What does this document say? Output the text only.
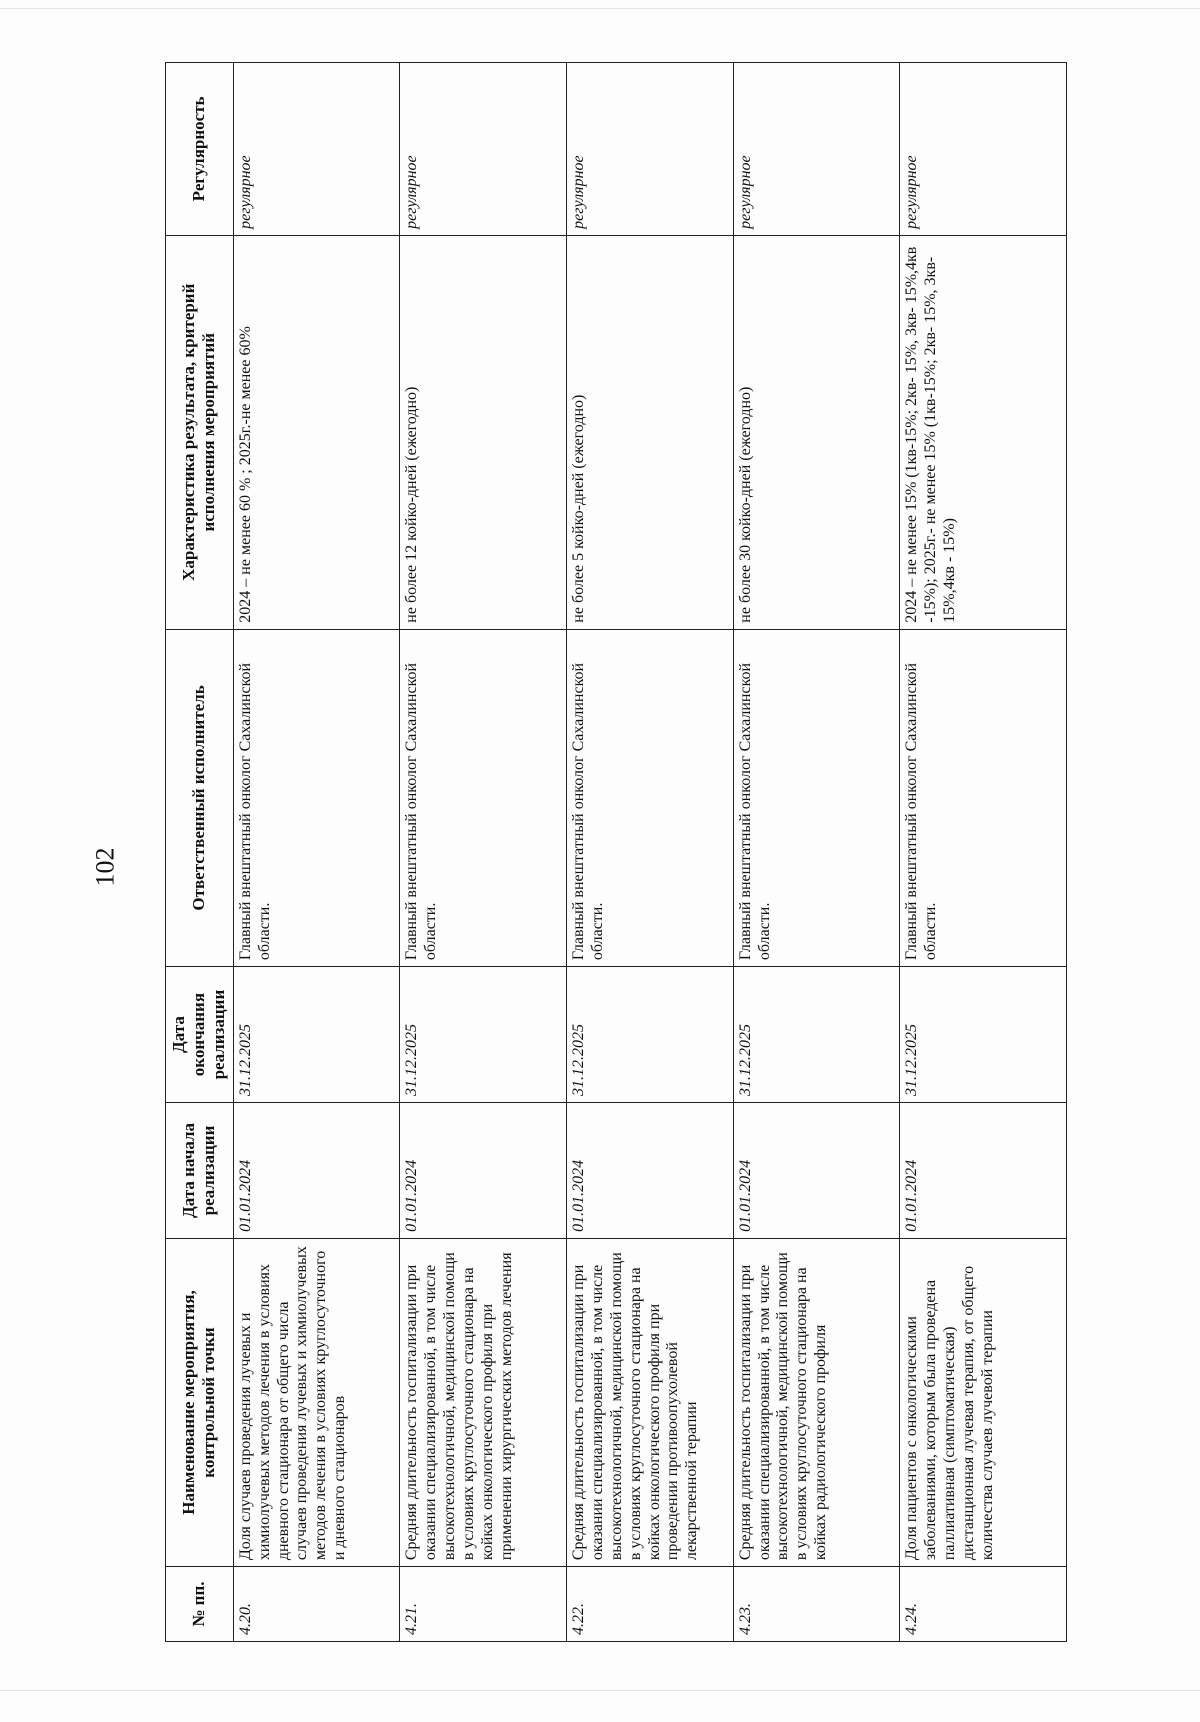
102
№ пп.	Наименование мероприятия, контрольной точки	Дата начала реализации	Дата окончания реализации	Ответственный исполнитель	Характеристика результата, критерий исполнения мероприятий	Регулярность
4.20.	Доля случаев проведения лучевых и химиолучевых методов лечения в условиях дневного стационара от общего числа случаев проведения лучевых и химиолучевых методов лечения в условиях круглосуточного и дневного стационаров	01.01.2024	31.12.2025	Главный внештатный онколог Сахалинской области.	2024 – не менее 60 % ; 2025г.-не менее 60%	регулярное
4.21.	Средняя длительность госпитализации при оказании специализированной, в том числе высокотехнологичной, медицинской помощи в условиях круглосуточного стационара на койках онкологического профиля при применении хирургических методов лечения	01.01.2024	31.12.2025	Главный внештатный онколог Сахалинской области.	не более 12 койко-дней (ежегодно)	регулярное
4.22.	Средняя длительность госпитализации при оказании специализированной, в том числе высокотехнологичной, медицинской помощи в условиях круглосуточного стационара на койках онкологического профиля при проведении противоопухолевой лекарственной терапии	01.01.2024	31.12.2025	Главный внештатный онколог Сахалинской области.	не более 5 койко-дней (ежегодно)	регулярное
4.23.	Средняя длительность госпитализации при оказании специализированной, в том числе высокотехнологичной, медицинской помощи в условиях круглосуточного стационара на койках радиологического профиля	01.01.2024	31.12.2025	Главный внештатный онколог Сахалинской области.	не более 30 койко-дней (ежегодно)	регулярное
4.24.	Доля пациентов с онкологическими заболеваниями, которым была проведена паллиативная (симптоматическая) дистанционная лучевая терапия, от общего количества случаев лучевой терапии	01.01.2024	31.12.2025	Главный внештатный онколог Сахалинской области.	2024 – не менее 15% (1кв-15%; 2кв- 15%, 3кв- 15%,4кв -15%); 2025г.- не менее 15% (1кв-15%; 2кв- 15%, 3кв- 15%,4кв - 15%)	регулярное
